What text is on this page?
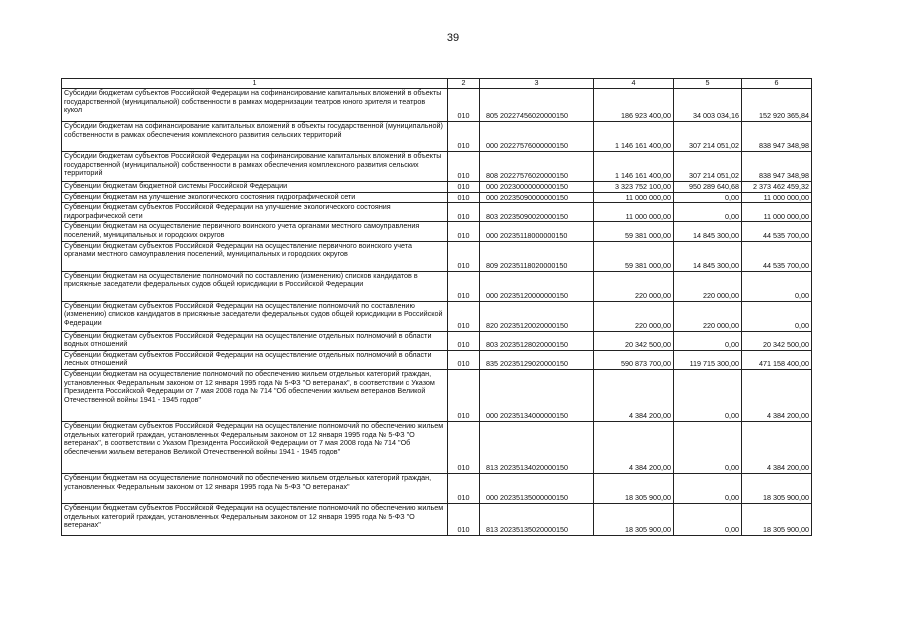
39
1	2	3	4	5	6
Субсидии бюджетам субъектов Российской Федерации на софинансирование капитальных вложений в объекты государственной (муниципальной) собственности в рамках модернизации театров юного зрителя и театров кукол	010	805 20227456020000150	186 923 400,00	34 003 034,16	152 920 365,84
Субсидии бюджетам на софинансирование капитальных вложений в объекты государственной (муниципальной) собственности в рамках обеспечения комплексного развития сельских территорий	010	000 20227576000000150	1 146 161 400,00	307 214 051,02	838 947 348,98
Субсидии бюджетам субъектов Российской Федерации на софинансирование капитальных вложений в объекты государственной (муниципальной) собственности в рамках обеспечения комплексного развития сельских территорий	010	808 20227576020000150	1 146 161 400,00	307 214 051,02	838 947 348,98
Субвенции бюджетам бюджетной системы Российской Федерации	010	000 20230000000000150	3 323 752 100,00	950 289 640,68	2 373 462 459,32
Субвенции бюджетам на улучшение экологического состояния гидрографической сети	010	000 20235090000000150	11 000 000,00	0,00	11 000 000,00
Субвенции бюджетам субъектов Российской Федерации на улучшение экологического состояния гидрографической сети	010	803 20235090020000150	11 000 000,00	0,00	11 000 000,00
Субвенции бюджетам на осуществление первичного воинского учета органами местного самоуправления поселений, муниципальных и городских округов	010	000 20235118000000150	59 381 000,00	14 845 300,00	44 535 700,00
Субвенции бюджетам субъектов Российской Федерации на осуществление первичного воинского учета органами местного самоуправления поселений, муниципальных и городских округов	010	809 20235118020000150	59 381 000,00	14 845 300,00	44 535 700,00
Субвенции бюджетам на осуществление полномочий по составлению (изменению) списков кандидатов в присяжные заседатели федеральных судов общей юрисдикции в Российской Федерации	010	000 20235120000000150	220 000,00	220 000,00	0,00
Субвенции бюджетам субъектов Российской Федерации на осуществление полномочий по составлению (изменению) списков кандидатов в присяжные заседатели федеральных судов общей юрисдикции в Российской Федерации	010	820 20235120020000150	220 000,00	220 000,00	0,00
Субвенции бюджетам субъектов Российской Федерации на осуществление отдельных полномочий в области водных отношений	010	803 20235128020000150	20 342 500,00	0,00	20 342 500,00
Субвенции бюджетам субъектов Российской Федерации на осуществление отдельных полномочий в области лесных отношений	010	835 20235129020000150	590 873 700,00	119 715 300,00	471 158 400,00
Субвенции бюджетам на осуществление полномочий по обеспечению жильем отдельных категорий граждан, установленных Федеральным законом от 12 января 1995 года № 5-ФЗ "О ветеранах", в соответствии с Указом Президента Российской Федерации от 7 мая 2008 года № 714 "Об обеспечении жильем ветеранов Великой Отечественной войны 1941 - 1945 годов"	010	000 20235134000000150	4 384 200,00	0,00	4 384 200,00
Субвенции бюджетам субъектов Российской Федерации на осуществление полномочий по обеспечению жильем отдельных категорий граждан, установленных Федеральным законом от 12 января 1995 года № 5-ФЗ "О ветеранах", в соответствии с Указом Президента Российской Федерации от 7 мая 2008 года № 714 "Об обеспечении жильем ветеранов Великой Отечественной войны 1941 - 1945 годов"	010	813 20235134020000150	4 384 200,00	0,00	4 384 200,00
Субвенции бюджетам на осуществление полномочий по обеспечению жильем отдельных категорий граждан, установленных Федеральным законом от 12 января 1995 года № 5-ФЗ "О ветеранах"	010	000 20235135000000150	18 305 900,00	0,00	18 305 900,00
Субвенции бюджетам субъектов Российской Федерации на осуществление полномочий по обеспечению жильем отдельных категорий граждан, установленных Федеральным законом от 12 января 1995 года № 5-ФЗ "О ветеранах"	010	813 20235135020000150	18 305 900,00	0,00	18 305 900,00
